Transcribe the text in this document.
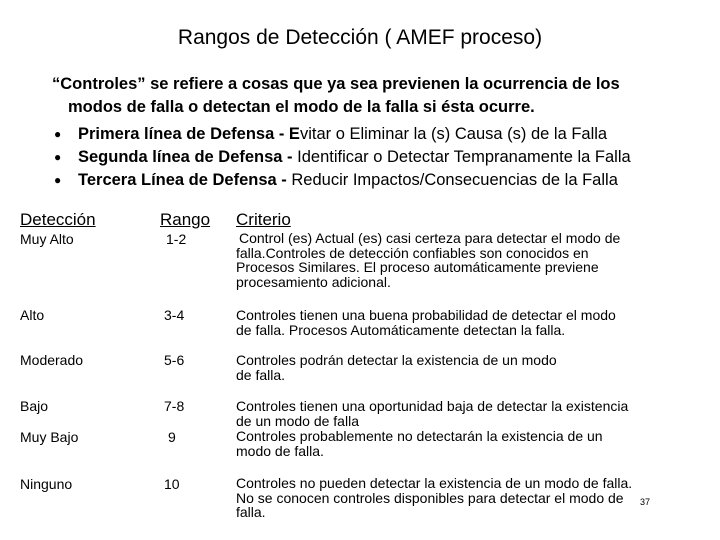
Rangos de Detección ( AMEF proceso)
“Controles” se refiere a cosas que ya sea previenen la ocurrencia de los
modos de falla o detectan el modo de la falla si ésta ocurre.
● Primera línea de Defensa - Evitar o Eliminar la (s) Causa (s) de la Falla
● Segunda línea de Defensa - Identificar o Detectar Tempranamente la Falla
● Tercera Línea de Defensa - Reducir Impactos/Consecuencias de la Falla
Detección	Rango Criterio
Muy Alto	1-2	Control (es) Actual (es) casi certeza para detectar el modo de
falla.Controles de detección confiables son conocidos en
Procesos Similares. El proceso automáticamente previene
procesamiento adicional.
Alto	3-4	Controles tienen una buena probabilidad de detectar el modo
de falla. Procesos Automáticamente detectan la falla.
Moderado	5-6	Controles podrán detectar la existencia de un modo
de falla.
Bajo	7-8	Controles tienen una oportunidad baja de detectar la existencia
de un modo de falla
Muy Bajo	9	Controles probablemente no detectarán la existencia de un
modo de falla.
Ninguno	10	Controles no pueden detectar la existencia de un modo de falla.
No se conocen controles disponibles para detectar el modo de
falla.
37
